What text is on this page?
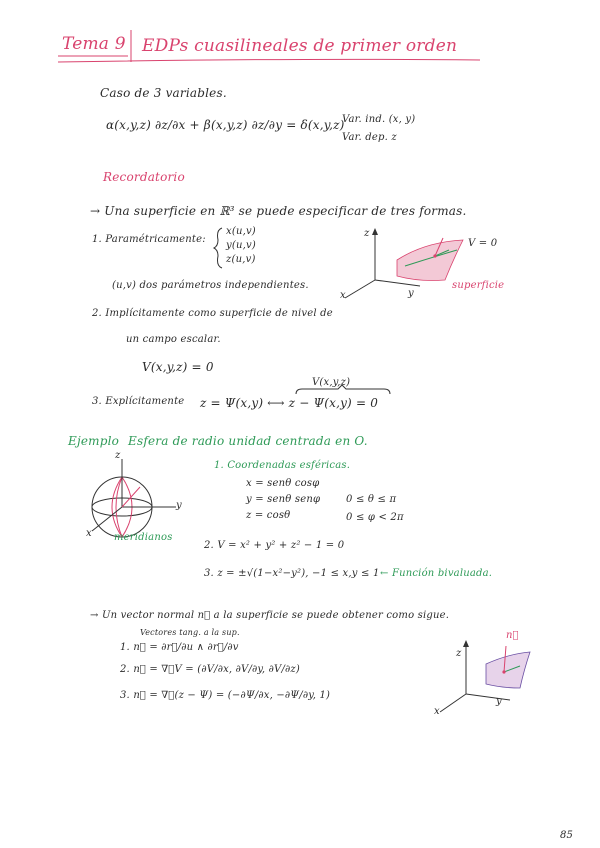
Tema 9 EDPs cuasilineales de primer orden
Caso de 3 variables.
α(x,y,z) ∂z/∂x + β(x,y,z) ∂z/∂y = δ(x,y,z)
Var. ind. (x, y)
Var. dep. z
Recordatorio
→ Una superficie en ℝ³ se puede especificar de tres formas.
1. Paramétricamente:
x(u,v)
y(u,v)
z(u,v)
(u,v) dos parámetros independientes.
z
x	y
V = 0
superficie
2. Implícitamente como superficie de nivel de
un campo escalar.
V(x,y,z) = 0
3. Explícitamente z = Ψ(x,y) ⟷ z − Ψ(x,y) = 0
V(x,y,z)
Ejemplo Esfera de radio unidad centrada en O.
z
y
x meridianos
1. Coordenadas esféricas.
x = senθ cosφ
y = senθ senφ
z = cosθ
0 ≤ θ ≤ π
0 ≤ φ < 2π
2. V = x² + y² + z² − 1 = 0
3. z = ±√(1−x²−y²), −1 ≤ x,y ≤ 1 ← Función bivaluada.
→ Un vector normal n⃗ a la superficie se puede obtener como sigue.
Vectores tang. a la sup.
1. n⃗ = ∂r⃗/∂u ∧ ∂r⃗/∂v
2. n⃗ = ∇⃗V = (∂V/∂x, ∂V/∂y, ∂V/∂z)
3. n⃗ = ∇⃗(z − Ψ) = (−∂Ψ/∂x, −∂Ψ/∂y, 1)
z
x
y
n⃗
85
